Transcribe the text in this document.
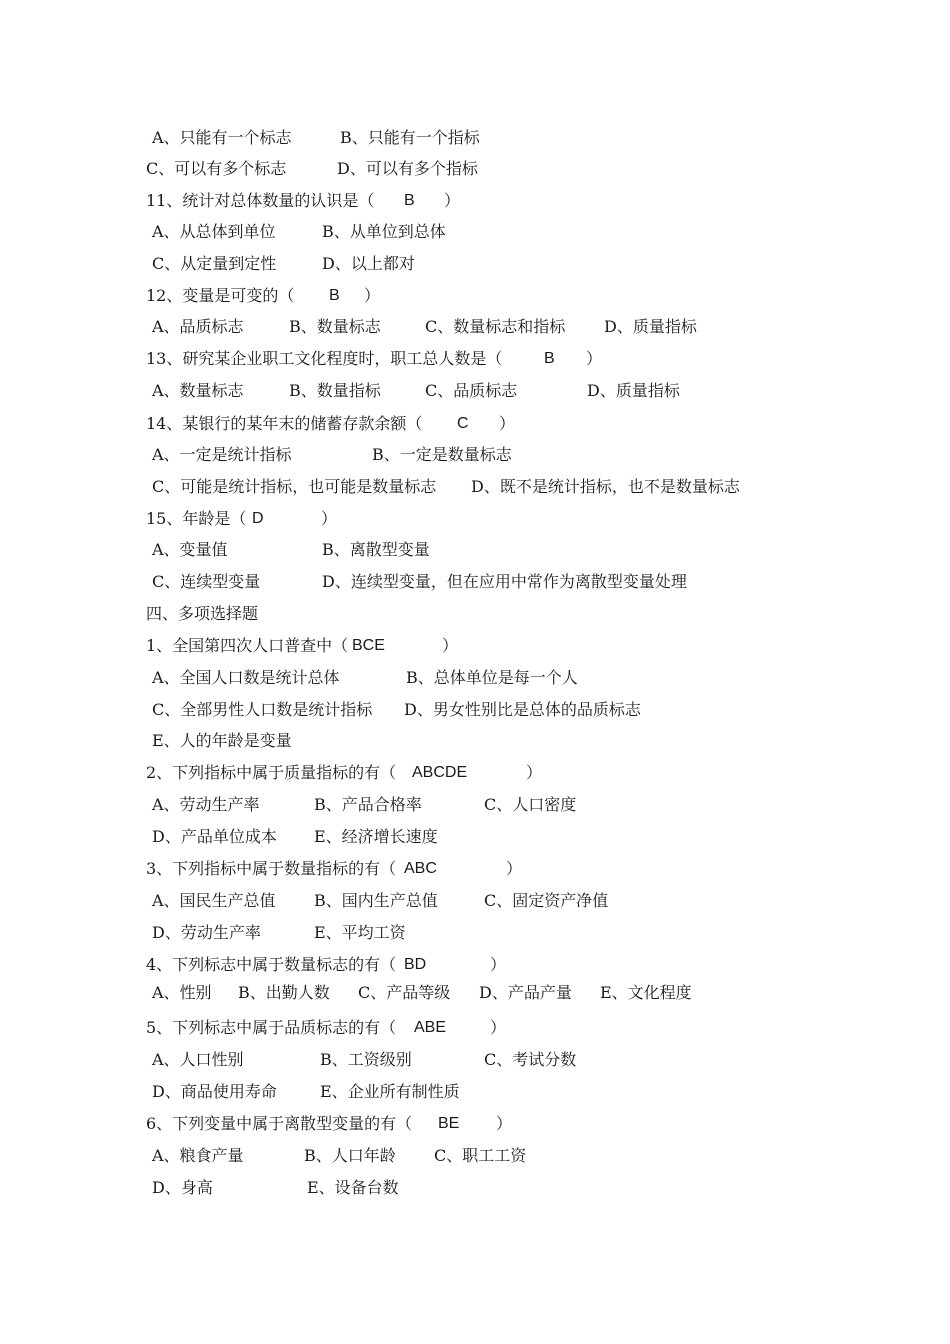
A、只能有一个标志	B、只能有一个指标
C、可以有多个标志	D、可以有多个指标
11、统计对总体数量的认识是（ B ）
A、从总体到单位	B、从单位到总体
C、从定量到定性	D、以上都对
12、变量是可变的（ B ）
A、品质标志	B、数量标志	C、数量标志和指标 D、质量指标
13、研究某企业职工文化程度时，职工总人数是（	B ）
A、数量标志	B、数量指标	C、品质标志	D、质量指标
14、某银行的某年末的储蓄存款余额（ C ）
A、一定是统计指标	B、一定是数量标志
C、可能是统计指标，也可能是数量标志 D、既不是统计指标，也不是数量标志
15、年龄是（ D	）
A、变量值	B、离散型变量
C、连续型变量	D、连续型变量，但在应用中常作为离散型变量处理
四、多项选择题
1、全国第四次人口普查中（ BCE	）
A、全国人口数是统计总体	B、总体单位是每一个人
C、全部男性人口数是统计指标 D、男女性别比是总体的品质标志
E、人的年龄是变量
2、下列指标中属于质量指标的有（ ABCDE	）
A、劳动生产率	B、产品合格率	C、人口密度
D、产品单位成本 E、经济增长速度
3、下列指标中属于数量指标的有（ ABC	）
A、国民生产总值 B、国内生产总值	C、固定资产净值
D、劳动生产率	E、平均工资
4、下列标志中属于数量标志的有（ BD	）
A、性别 B、出勤人数 C、产品等级 D、产品产量 E、文化程度
5、下列标志中属于品质标志的有（ ABE	）
A、人口性别	B、工资级别	C、考试分数
D、商品使用寿命	E、企业所有制性质
6、下列变量中属于离散型变量的有（ BE ）
A、粮食产量	B、人口年龄 C、职工工资
D、身高	E、设备台数
